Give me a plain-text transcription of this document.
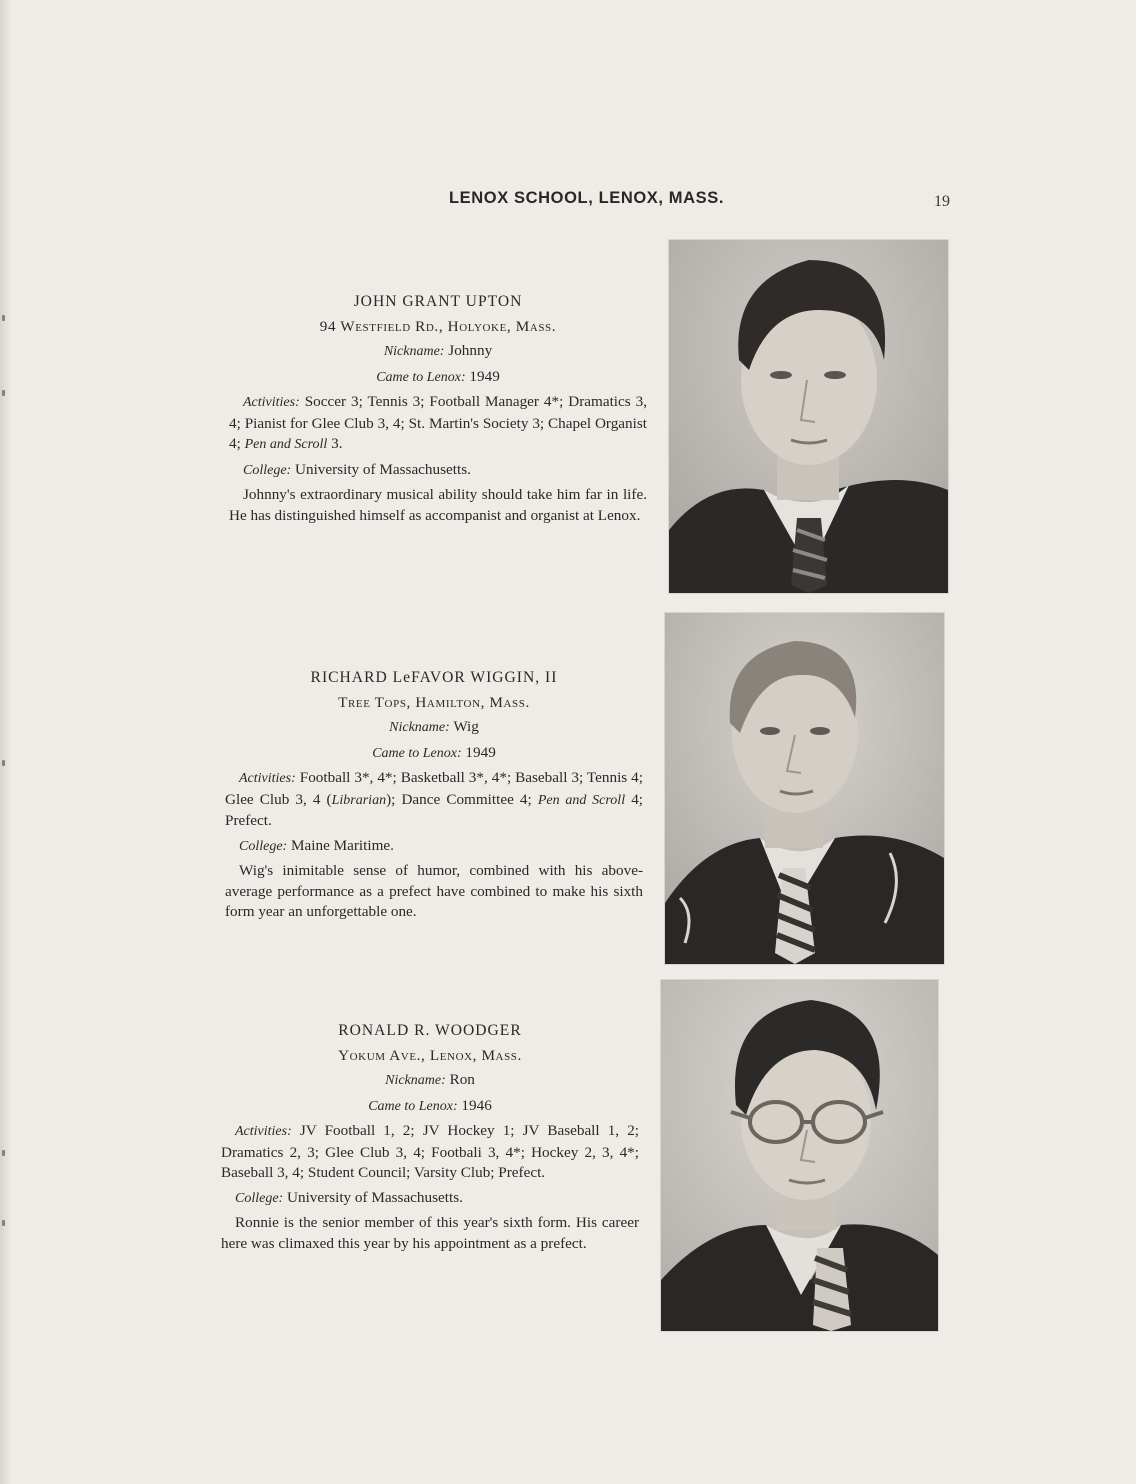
LENOX SCHOOL, LENOX, MASS.	19

JOHN GRANT UPTON

94 Westfield Rd., Holyoke, Mass.

Nickname: Johnny

Came to Lenox: 1949

Activities: Soccer 3; Tennis 3; Football Manager 4*; Dramatics 3, 4; Pianist for Glee Club 3, 4; St. Martin's Society 3; Chapel Organist 4; Pen and Scroll 3.

College: University of Massachusetts.

Johnny's extraordinary musical ability should take him far in life. He has distinguished himself as accompanist and organist at Lenox.

RICHARD LeFAVOR WIGGIN, II

Tree Tops, Hamilton, Mass.

Nickname: Wig

Came to Lenox: 1949

Activities: Football 3*, 4*; Basketball 3*, 4*; Baseball 3; Tennis 4; Glee Club 3, 4 (Librarian); Dance Committee 4; Pen and Scroll 4; Prefect.

College: Maine Maritime.

Wig's inimitable sense of humor, combined with his above-average performance as a prefect have combined to make his sixth form year an unforgettable one.

RONALD R. WOODGER

Yokum Ave., Lenox, Mass.

Nickname: Ron

Came to Lenox: 1946

Activities: JV Football 1, 2; JV Hockey 1; JV Baseball 1, 2; Dramatics 2, 3; Glee Club 3, 4; Footbali 3, 4*; Hockey 2, 3, 4*; Baseball 3, 4; Student Council; Varsity Club; Prefect.

College: University of Massachusetts.

Ronnie is the senior member of this year's sixth form. His career here was climaxed this year by his appointment as a prefect.
